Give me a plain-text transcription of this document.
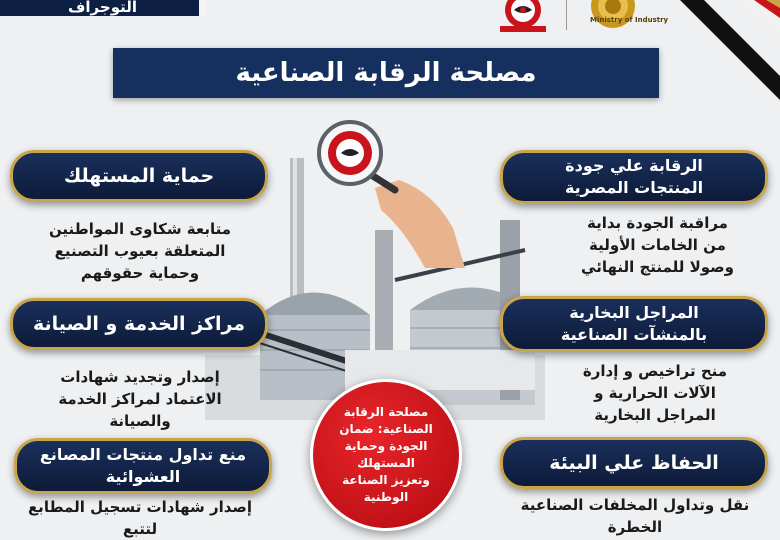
التوجراف
Ministry of Industry
مصلحة الرقابة الصناعية
حماية المستهلك
متابعة شكاوى المواطنين
المتعلقة بعيوب التصنيع
وحماية حقوقهم
مراكز الخدمة و الصيانة
إصدار وتجديد شهادات
الاعتماد لمراكز الخدمة
والصيانة
منع تداول منتجات المصانع العشوائية
إصدار شهادات تسجيل المطابع لتتبع
الرقابة علي جودة المنتجات المصرية
مراقبة الجودة بداية
من الخامات الأولية
وصولا للمنتج النهائي
المراجل البخارية بالمنشآت الصناعية
منح تراخيص و إدارة
الآلات الحرارية و
المراجل البخارية
الحفاظ علي البيئة
نقل وتداول المخلفات الصناعية الخطرة
مصلحة الرقابة
الصناعية: ضمان
الجودة وحماية
المستهلك
وتعزيز الصناعة
الوطنية
